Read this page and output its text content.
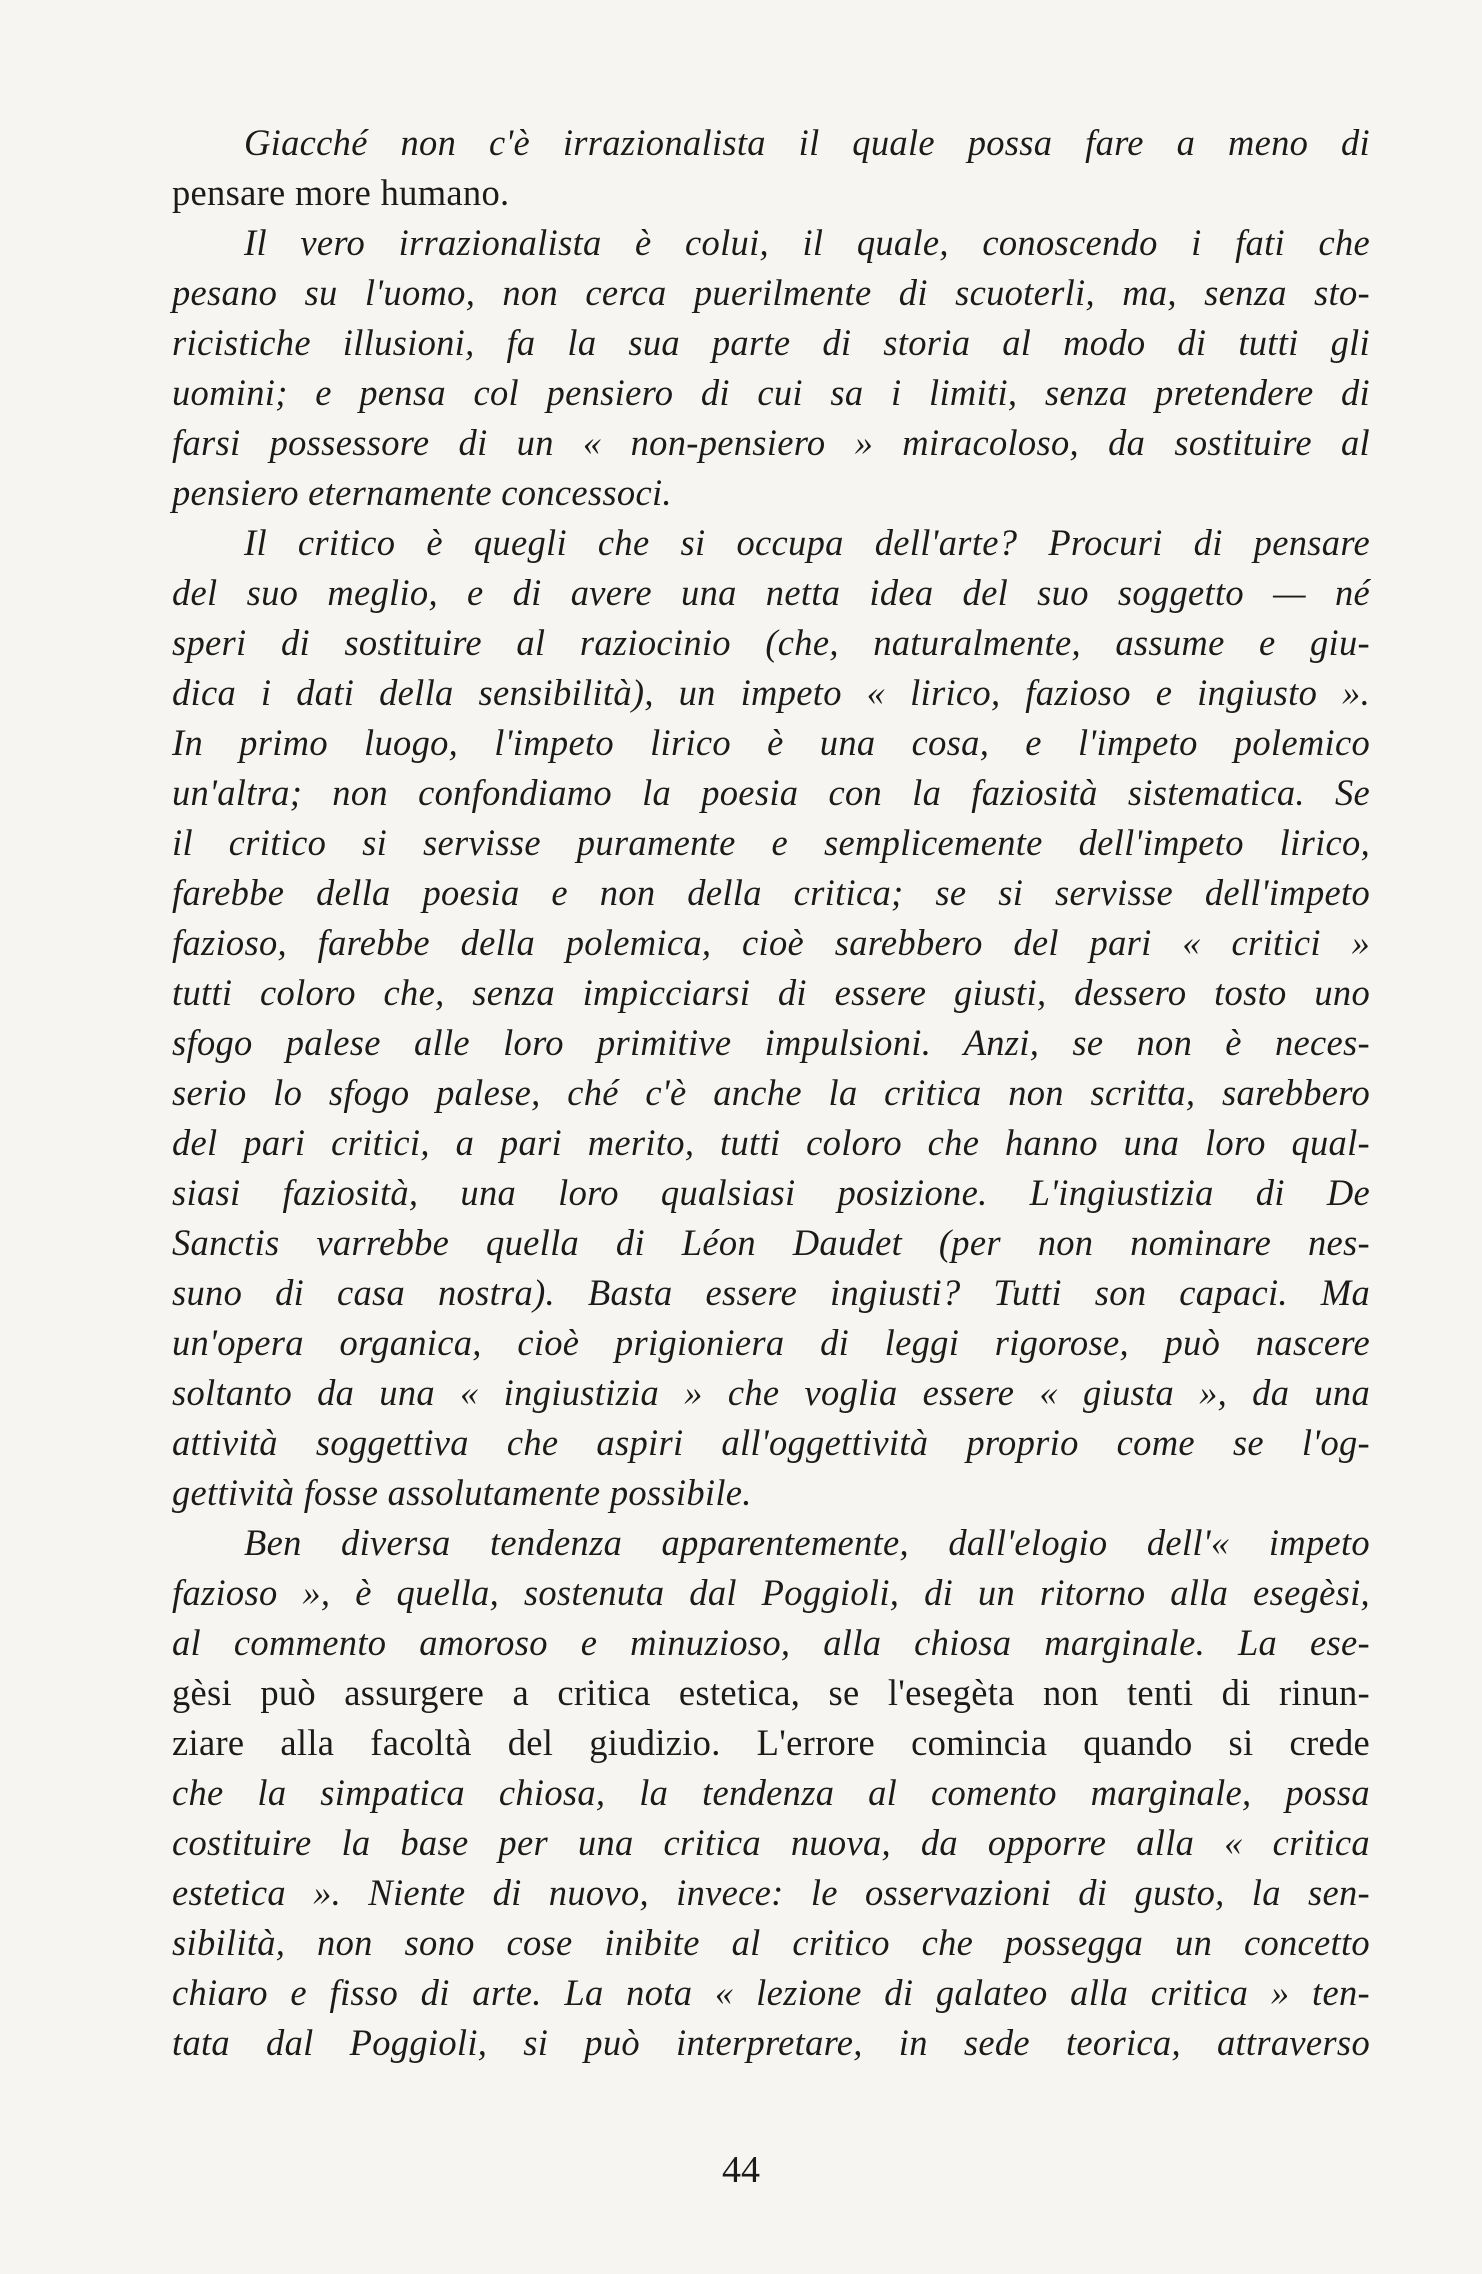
Giacché non c'è irrazionalista il quale possa fare a meno di
pensare more humano.
Il vero irrazionalista è colui, il quale, conoscendo i fati che
pesano su l'uomo, non cerca puerilmente di scuoterli, ma, senza sto-
ricistiche illusioni, fa la sua parte di storia al modo di tutti gli
uomini; e pensa col pensiero di cui sa i limiti, senza pretendere di
farsi possessore di un « non-pensiero » miracoloso, da sostituire al
pensiero eternamente concessoci.
Il critico è quegli che si occupa dell'arte? Procuri di pensare
del suo meglio, e di avere una netta idea del suo soggetto — né
speri di sostituire al raziocinio (che, naturalmente, assume e giu-
dica i dati della sensibilità), un impeto « lirico, fazioso e ingiusto ».
In primo luogo, l'impeto lirico è una cosa, e l'impeto polemico
un'altra; non confondiamo la poesia con la faziosità sistematica. Se
il critico si servisse puramente e semplicemente dell'impeto lirico,
farebbe della poesia e non della critica; se si servisse dell'impeto
fazioso, farebbe della polemica, cioè sarebbero del pari « critici »
tutti coloro che, senza impicciarsi di essere giusti, dessero tosto uno
sfogo palese alle loro primitive impulsioni. Anzi, se non è neces-
serio lo sfogo palese, ché c'è anche la critica non scritta, sarebbero
del pari critici, a pari merito, tutti coloro che hanno una loro qual-
siasi faziosità, una loro qualsiasi posizione. L'ingiustizia di De
Sanctis varrebbe quella di Léon Daudet (per non nominare nes-
suno di casa nostra). Basta essere ingiusti? Tutti son capaci. Ma
un'opera organica, cioè prigioniera di leggi rigorose, può nascere
soltanto da una « ingiustizia » che voglia essere « giusta », da una
attività soggettiva che aspiri all'oggettività proprio come se l'og-
gettività fosse assolutamente possibile.
Ben diversa tendenza apparentemente, dall'elogio dell'« impeto
fazioso », è quella, sostenuta dal Poggioli, di un ritorno alla esegèsi,
al commento amoroso e minuzioso, alla chiosa marginale. La ese-
gèsi può assurgere a critica estetica, se l'esegèta non tenti di rinun-
ziare alla facoltà del giudizio. L'errore comincia quando si crede
che la simpatica chiosa, la tendenza al comento marginale, possa
costituire la base per una critica nuova, da opporre alla « critica
estetica ». Niente di nuovo, invece: le osservazioni di gusto, la sen-
sibilità, non sono cose inibite al critico che possegga un concetto
chiaro e fisso di arte. La nota « lezione di galateo alla critica » ten-
tata dal Poggioli, si può interpretare, in sede teorica, attraverso
44
